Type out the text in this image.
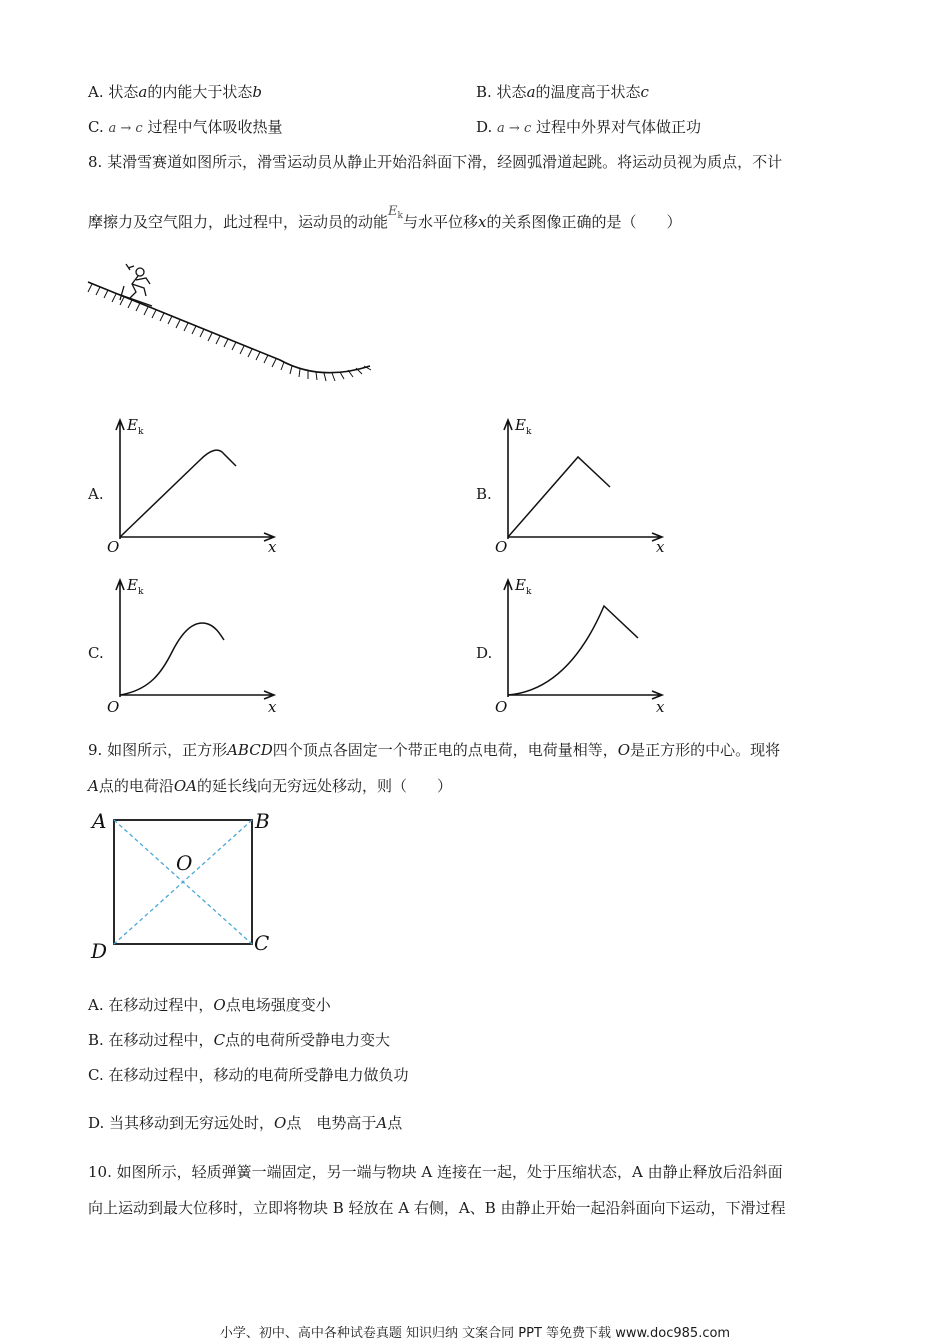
A. 状态a的内能大于状态b	B. 状态a的温度高于状态c
C. a → c 过程中气体吸收热量	D. a → c 过程中外界对气体做正功
8. 某滑雪赛道如图所示，滑雪运动员从静止开始沿斜面下滑，经圆弧滑道起跳。将运动员视为质点，不计
摩擦力及空气阻力，此过程中，运动员的动能$E_k$与水平位移x的关系图像正确的是（　　）
A.
$E_k$
O	x
B.
$E_k$
O	x
C.
$E_k$
O	x
D.
$E_k$
O	x
9. 如图所示，正方形ABCD四个顶点各固定一个带正电的点电荷，电荷量相等，O是正方形的中心。现将
A点的电荷沿OA的延长线向无穷远处移动，则（　　）
A	B
C
D
O
A. 在移动过程中，O点电场强度变小
B. 在移动过程中，C点的电荷所受静电力变大
C. 在移动过程中，移动的电荷所受静电力做负功
D. 当其移动到无穷远处时，O点　电势高于A点
10. 如图所示，轻质弹簧一端固定，另一端与物块 A 连接在一起，处于压缩状态，A 由静止释放后沿斜面
向上运动到最大位移时，立即将物块 B 轻放在 A 右侧，A、B 由静止开始一起沿斜面向下运动，下滑过程
小学、初中、高中各种试卷真题 知识归纳 文案合同 PPT 等免费下载 www.doc985.com
